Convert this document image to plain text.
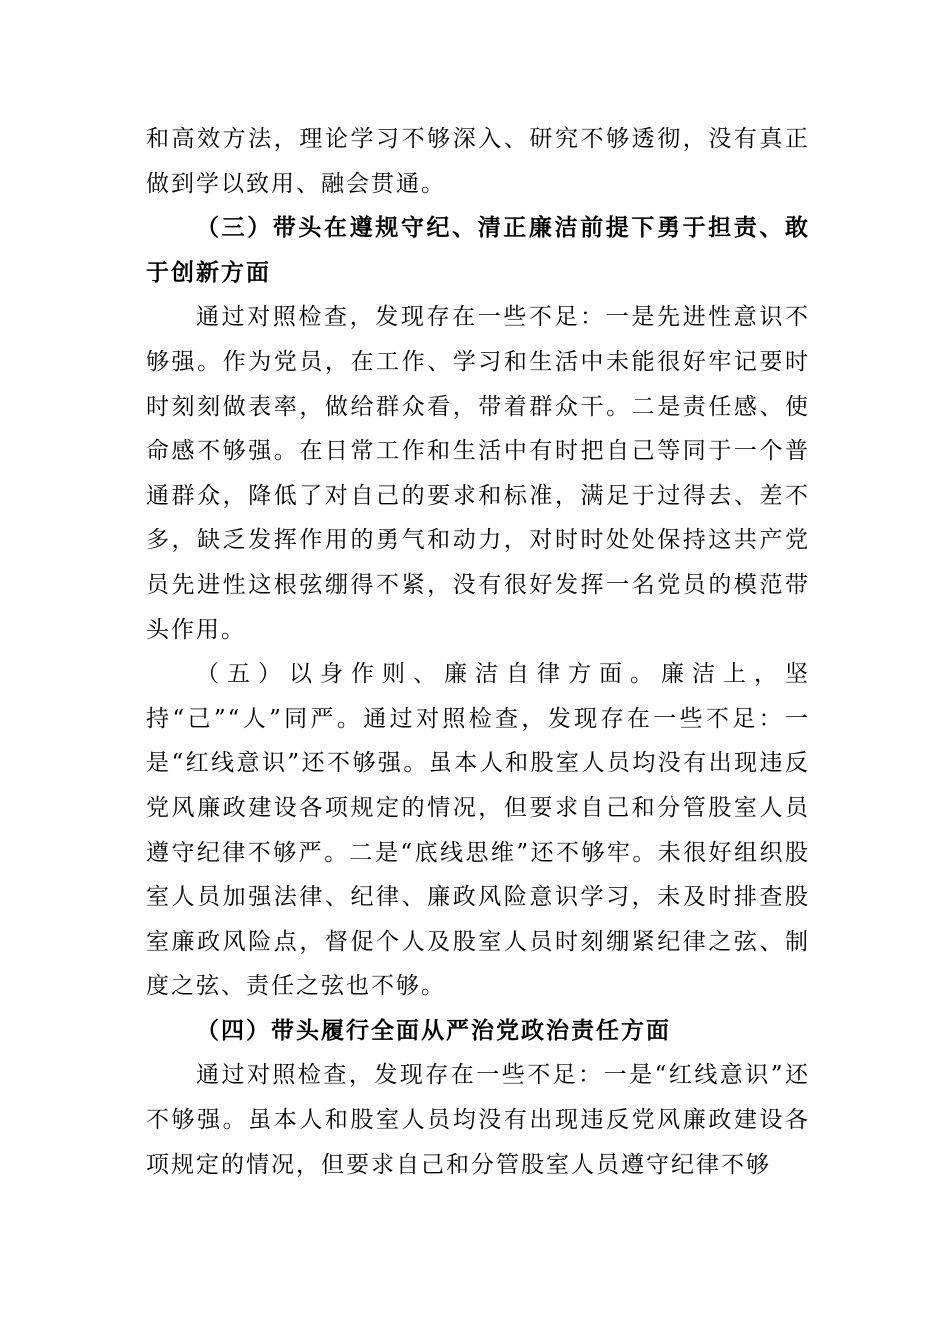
和高效方法，理论学习不够深入、研究不够透彻，没有真正做到学以致用、融会贯通。

（三）带头在遵规守纪、清正廉洁前提下勇于担责、敢于创新方面

通过对照检查，发现存在一些不足：一是先进性意识不够强。作为党员，在工作、学习和生活中未能很好牢记要时时刻刻做表率，做给群众看，带着群众干。二是责任感、使命感不够强。在日常工作和生活中有时把自己等同于一个普通群众，降低了对自己的要求和标准，满足于过得去、差不多，缺乏发挥作用的勇气和动力，对时时处处保持这共产党员先进性这根弦绷得不紧，没有很好发挥一名党员的模范带头作用。

（五）以身作则、廉洁自律方面。廉洁上，坚持“己”“人”同严。通过对照检查，发现存在一些不足：一是“红线意识”还不够强。虽本人和股室人员均没有出现违反党风廉政建设各项规定的情况，但要求自己和分管股室人员遵守纪律不够严。二是“底线思维”还不够牢。未很好组织股室人员加强法律、纪律、廉政风险意识学习，未及时排查股室廉政风险点，督促个人及股室人员时刻绷紧纪律之弦、制度之弦、责任之弦也不够。

（四）带头履行全面从严治党政治责任方面

通过对照检查，发现存在一些不足：一是“红线意识”还不够强。虽本人和股室人员均没有出现违反党风廉政建设各项规定的情况，但要求自己和分管股室人员遵守纪律不够
